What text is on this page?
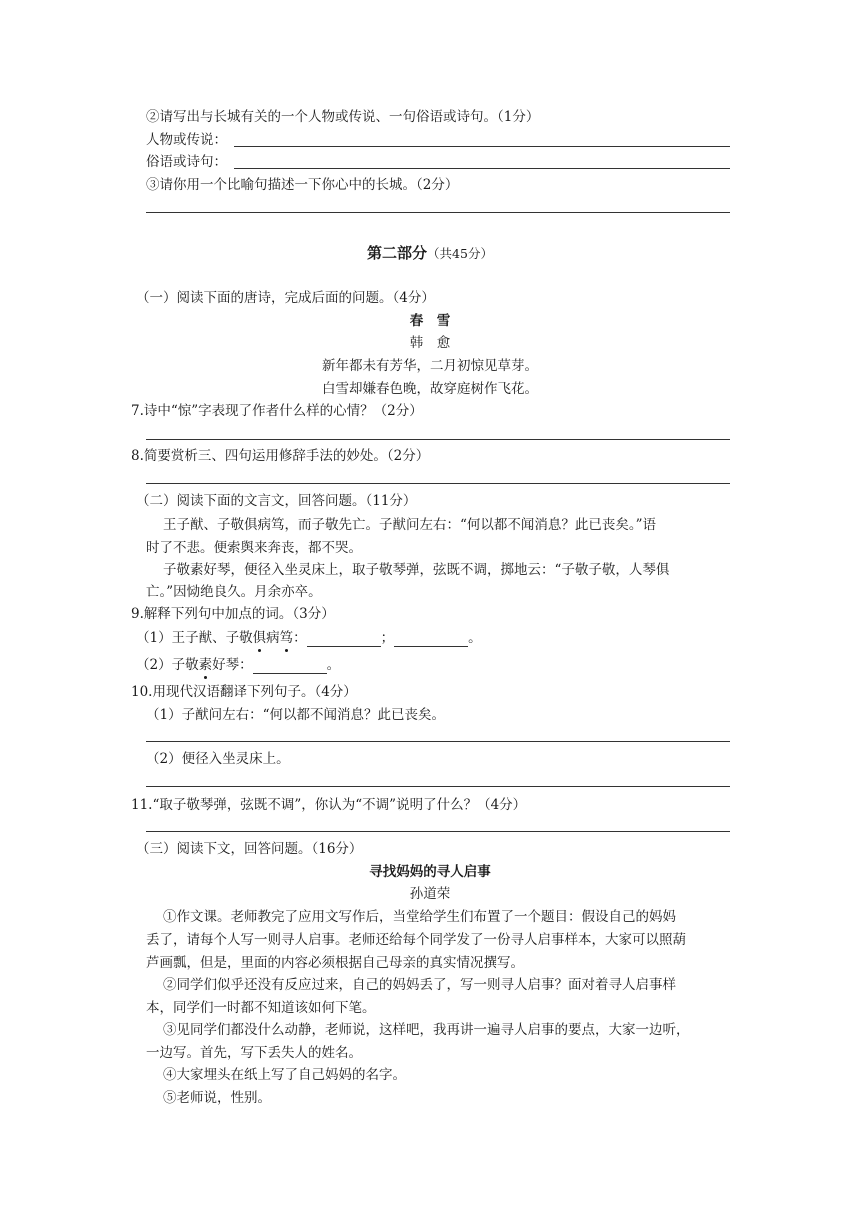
②请写出与长城有关的一个人物或传说、一句俗语或诗句。（1分）
人物或传说：
俗语或诗句：
③请你用一个比喻句描述一下你心中的长城。（2分）
第二部分（共45分）
（一）阅读下面的唐诗，完成后面的问题。（4分）
春　雪
韩　愈
新年都未有芳华，二月初惊见草芽。
白雪却嫌春色晚，故穿庭树作飞花。
7.诗中“惊”字表现了作者什么样的心情？（2分）
8.简要赏析三、四句运用修辞手法的妙处。（2分）
（二）阅读下面的文言文，回答问题。（11分）
王子猷、子敬俱病笃，而子敬先亡。子猷问左右：“何以都不闻消息？此已丧矣。”语
时了不悲。便索舆来奔丧，都不哭。
子敬素好琴，便径入坐灵床上，取子敬琴弹，弦既不调，掷地云：“子敬子敬，人琴俱
亡。”因恸绝良久。月余亦卒。
9.解释下列句中加点的词。（3分）
（1）王子猷、子敬俱病笃：	；	。
（2）子敬素好琴：	。
10.用现代汉语翻译下列句子。（4分）
（1）子猷问左右：“何以都不闻消息？此已丧矣。
（2）便径入坐灵床上。
11.“取子敬琴弹，弦既不调”，你认为“不调”说明了什么？（4分）
（三）阅读下文，回答问题。（16分）
寻找妈妈的寻人启事
孙道荣
①作文课。老师教完了应用文写作后，当堂给学生们布置了一个题目：假设自己的妈妈
丢了，请每个人写一则寻人启事。老师还给每个同学发了一份寻人启事样本，大家可以照葫
芦画瓢，但是，里面的内容必须根据自己母亲的真实情况撰写。
②同学们似乎还没有反应过来，自己的妈妈丢了，写一则寻人启事？面对着寻人启事样
本，同学们一时都不知道该如何下笔。
③见同学们都没什么动静，老师说，这样吧，我再讲一遍寻人启事的要点，大家一边听，
一边写。首先，写下丢失人的姓名。
④大家埋头在纸上写了自己妈妈的名字。
⑤老师说，性别。
